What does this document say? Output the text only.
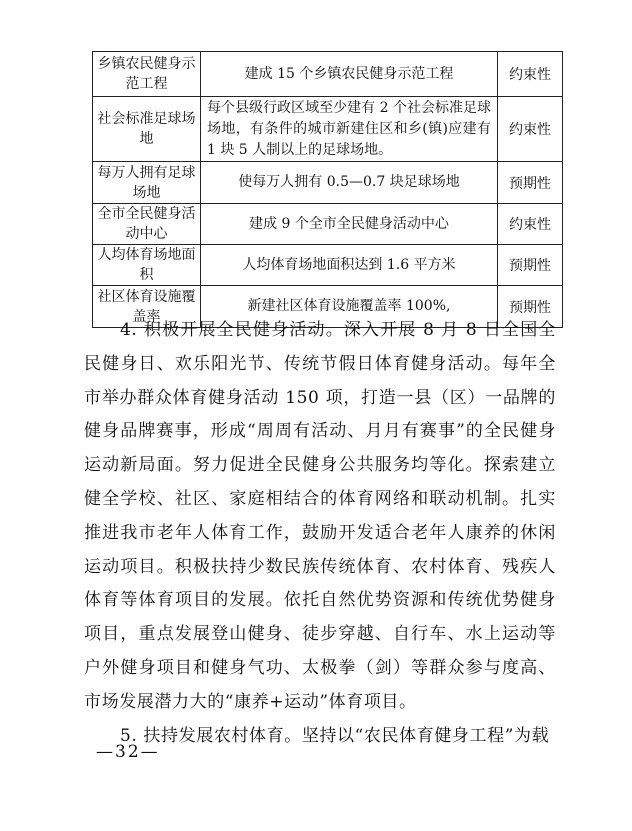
乡镇农民健身示范工程	建成 15 个乡镇农民健身示范工程	约束性
社会标准足球场地	每个县级行政区域至少建有 2 个社会标准足球场地，有条件的城市新建住区和乡(镇)应建有 1 块 5 人制以上的足球场地。	约束性
每万人拥有足球场地	使每万人拥有 0.5—0.7 块足球场地	预期性
全市全民健身活动中心	建成 9 个全市全民健身活动中心	约束性
人均体育场地面积	人均体育场地面积达到 1.6 平方米	预期性
社区体育设施覆盖率	新建社区体育设施覆盖率 100%,	预期性

4. 积极开展全民健身活动。深入开展 8 月 8 日全国全民健身日、欢乐阳光节、传统节假日体育健身活动。每年全市举办群众体育健身活动 150 项，打造一县（区）一品牌的健身品牌赛事，形成“周周有活动、月月有赛事”的全民健身运动新局面。努力促进全民健身公共服务均等化。探索建立健全学校、社区、家庭相结合的体育网络和联动机制。扎实推进我市老年人体育工作，鼓励开发适合老年人康养的休闲运动项目。积极扶持少数民族传统体育、农村体育、残疾人体育等体育项目的发展。依托自然优势资源和传统优势健身项目，重点发展登山健身、徒步穿越、自行车、水上运动等户外健身项目和健身气功、太极拳（剑）等群众参与度高、市场发展潜力大的“康养+运动”体育项目。

5. 扶持发展农村体育。坚持以“农民体育健身工程”为载

—32—
